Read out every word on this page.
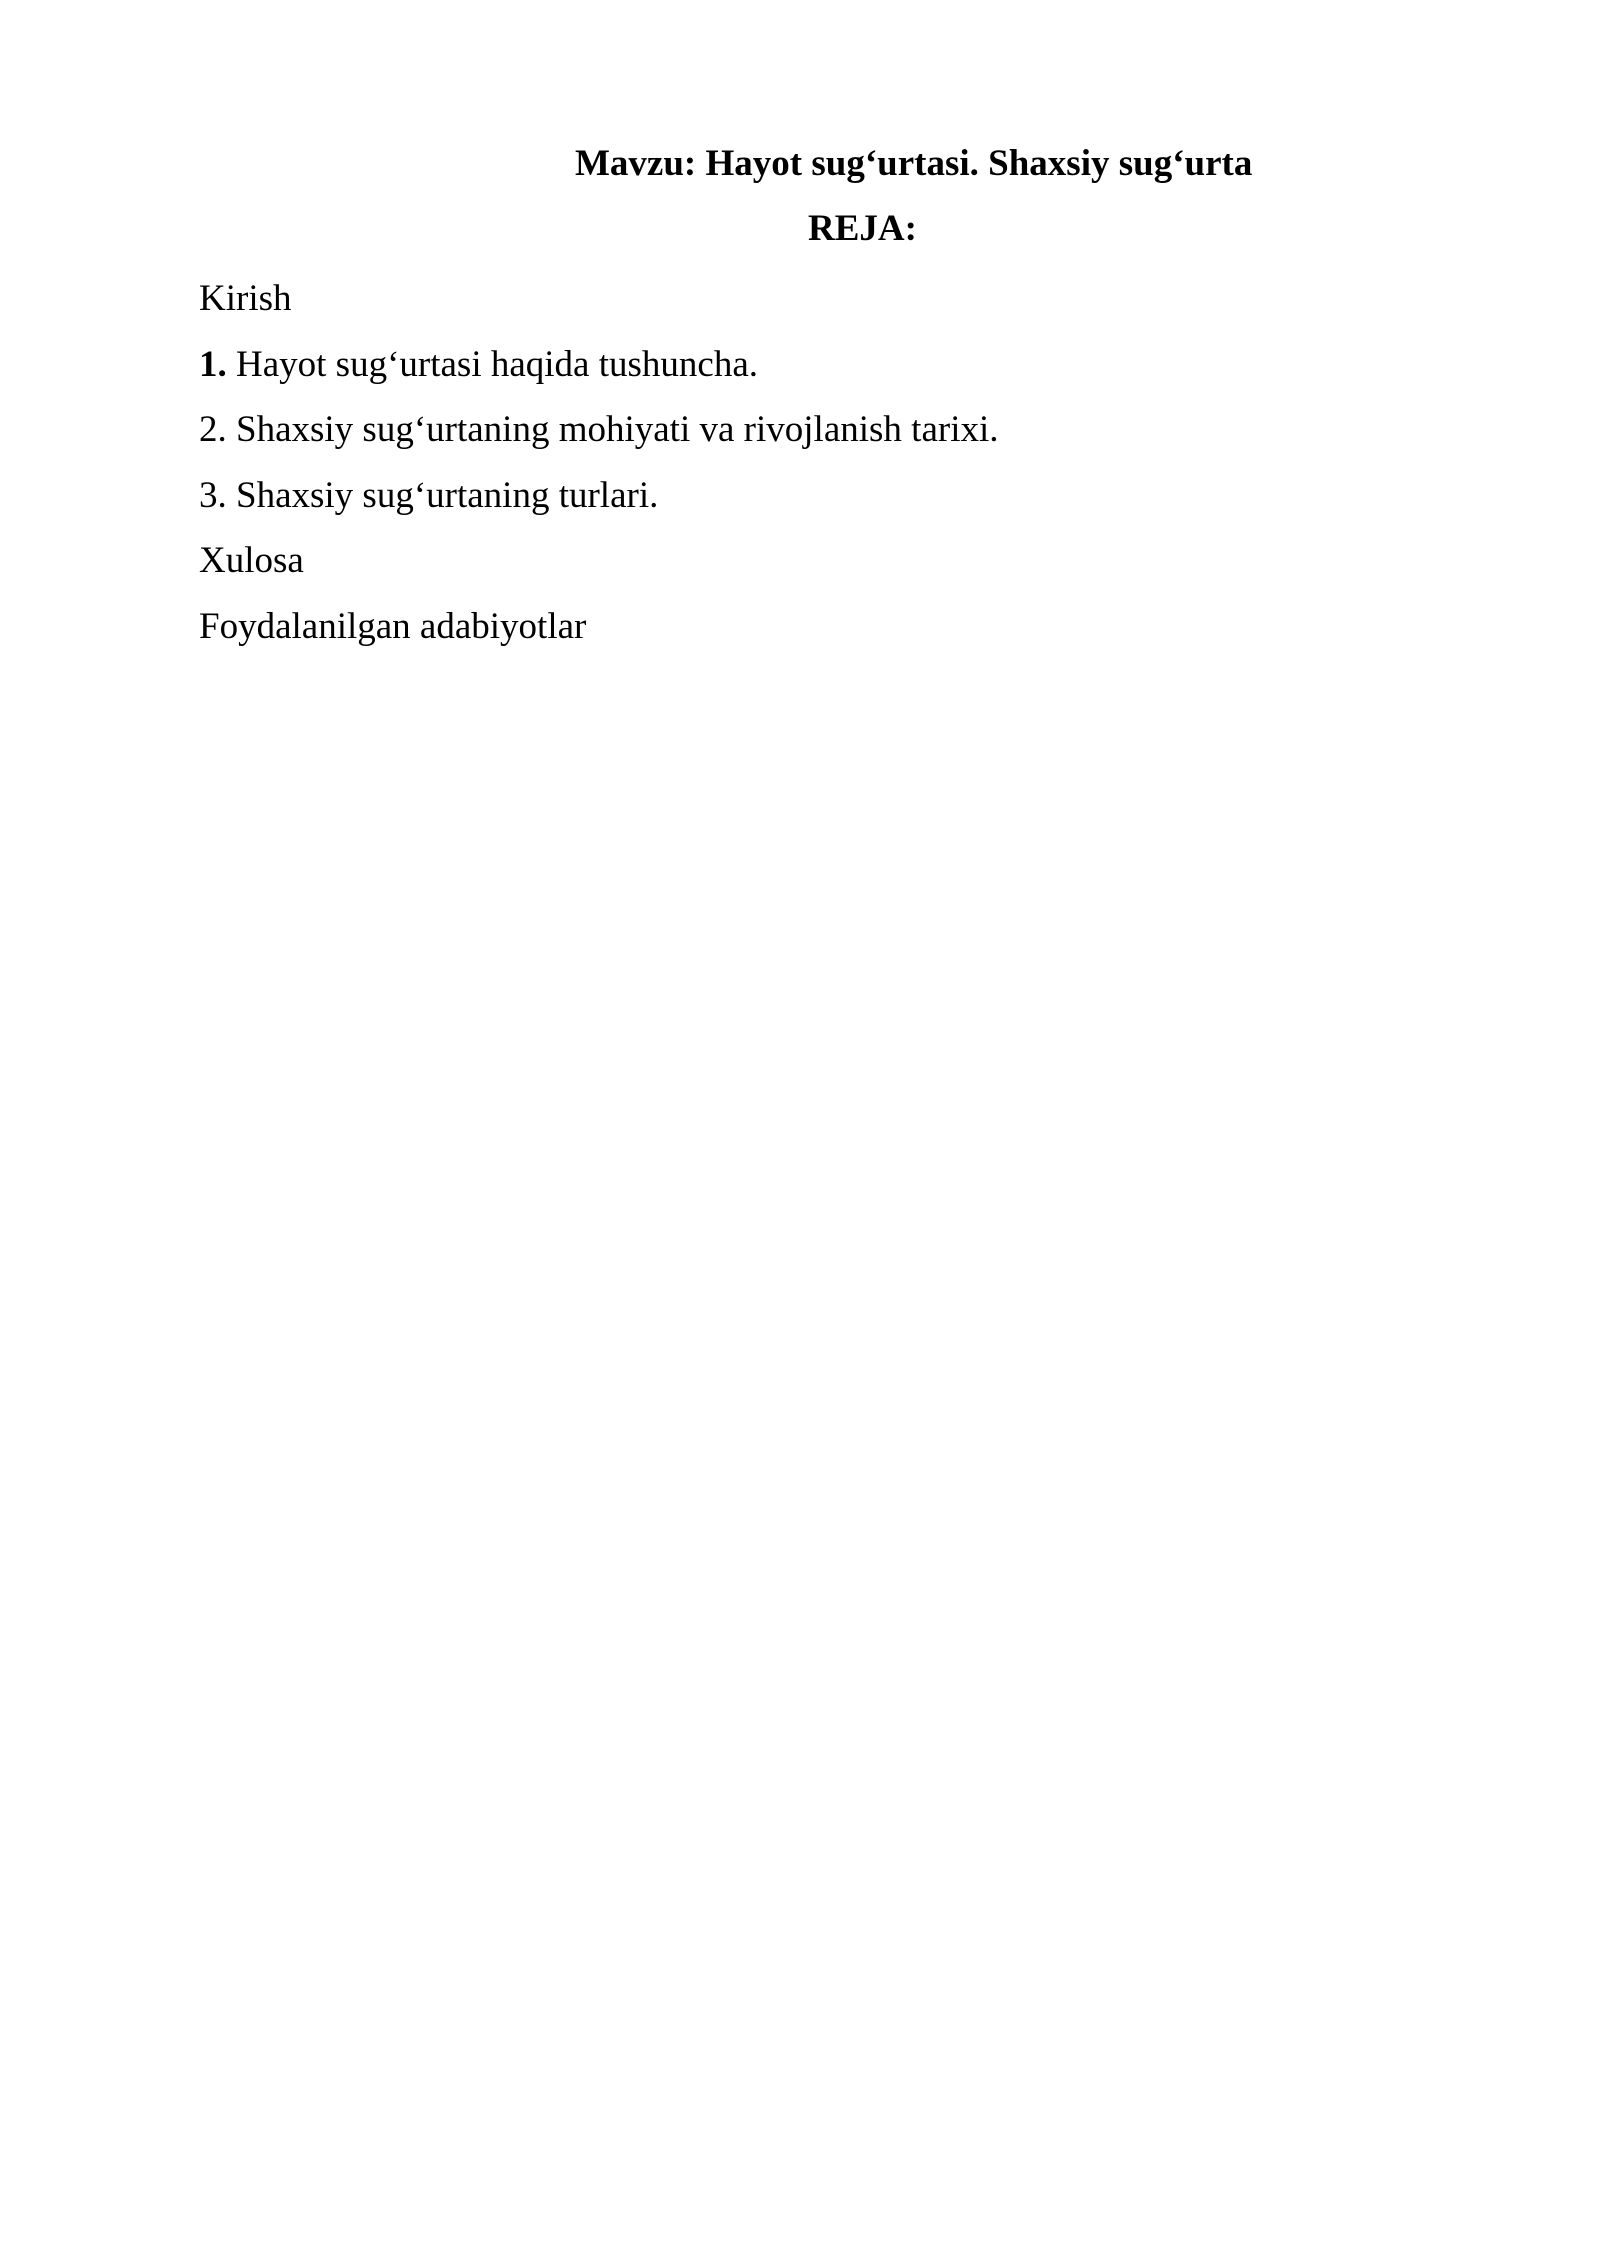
Mavzu: Hayot sug‘urtasi. Shaxsiy sug‘urta
REJA:
Kirish
1. Hayot sug‘urtasi haqida tushuncha.
2. Shaxsiy sug‘urtaning mohiyati va rivojlanish tarixi.
3. Shaxsiy sug‘urtaning turlari.
Xulosa
Foydalanilgan adabiyotlar
